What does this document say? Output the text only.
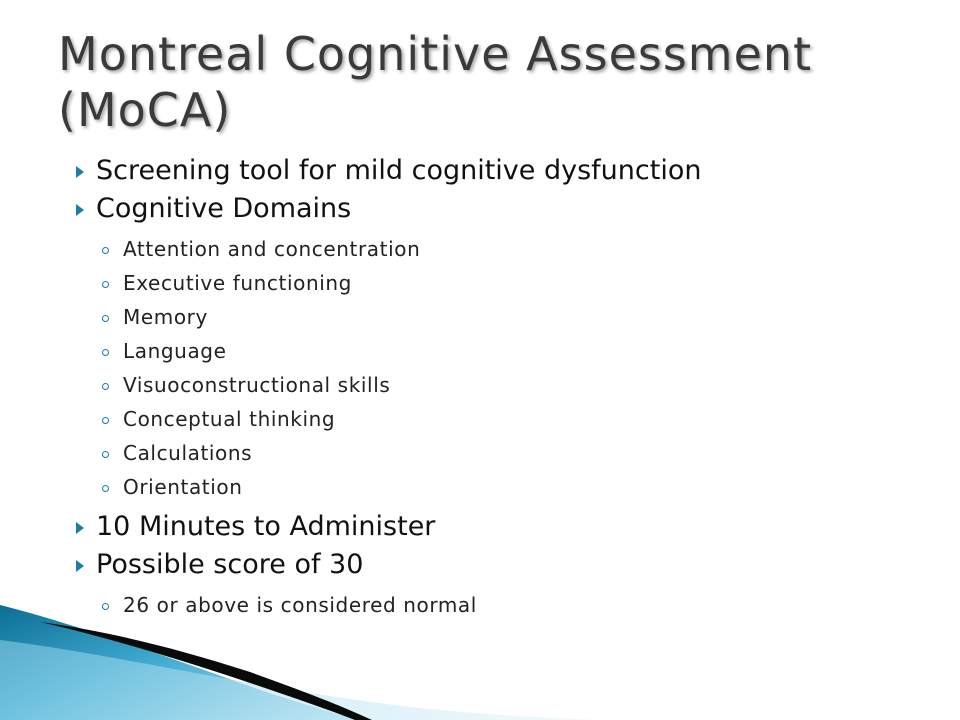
Montreal Cognitive Assessment
(MoCA)

Screening tool for mild cognitive dysfunction

Cognitive Domains

Attention and concentration

Executive functioning

Memory

Language

Visuoconstructional skills

Conceptual thinking

Calculations

Orientation

10 Minutes to Administer

Possible score of 30

26 or above is considered normal
